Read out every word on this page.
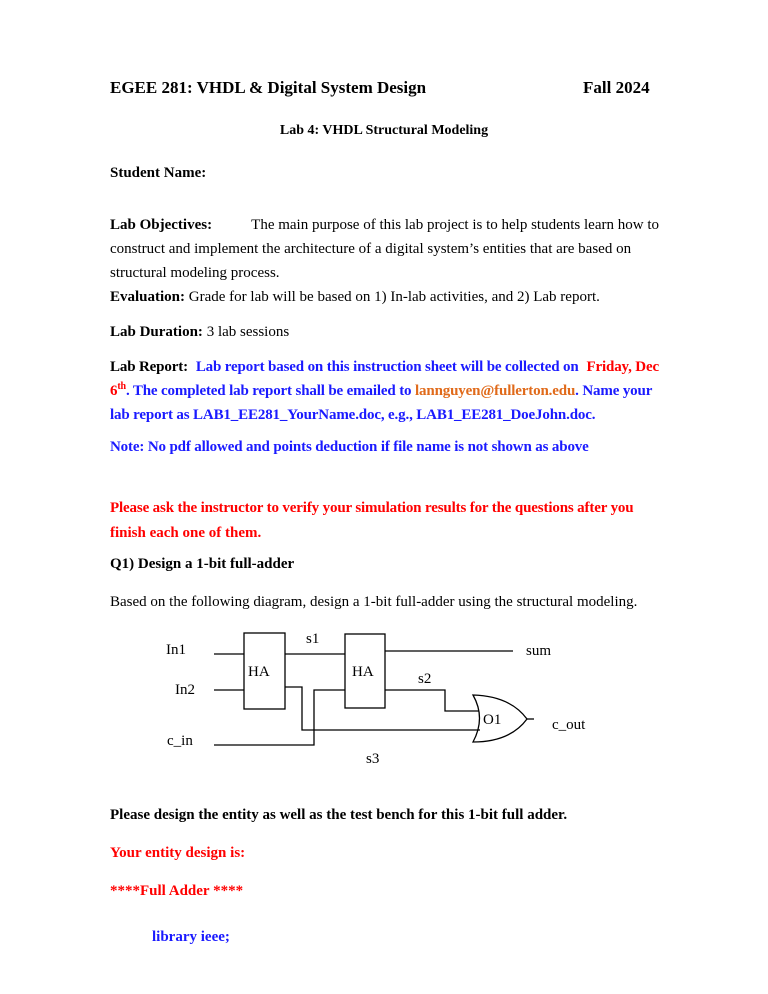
EGEE 281: VHDL & Digital System Design	Fall 2024
Lab 4: VHDL Structural Modeling
Student Name:
Lab Objectives:	The main purpose of this lab project is to help students learn how to
construct and implement the architecture of a digital system’s entities that are based on
structural modeling process.
Evaluation: Grade for lab will be based on 1) In-lab activities, and 2) Lab report.
Lab Duration: 3 lab sessions
Lab Report: Lab report based on this instruction sheet will be collected on Friday, Dec
6th. The completed lab report shall be emailed to lannguyen@fullerton.edu. Name your
lab report as LAB1_EE281_YourName.doc, e.g., LAB1_EE281_DoeJohn.doc.
Note: No pdf allowed and points deduction if file name is not shown as above
Please ask the instructor to verify your simulation results for the questions after you
finish each one of them.
Q1) Design a 1-bit full-adder
Based on the following diagram, design a 1-bit full-adder using the structural modeling.
In1
In2
c_in
HA	HA
s1
s2
s3
sum
O1	c_out
Please design the entity as well as the test bench for this 1-bit full adder.
Your entity design is:
****Full Adder ****
library ieee;
